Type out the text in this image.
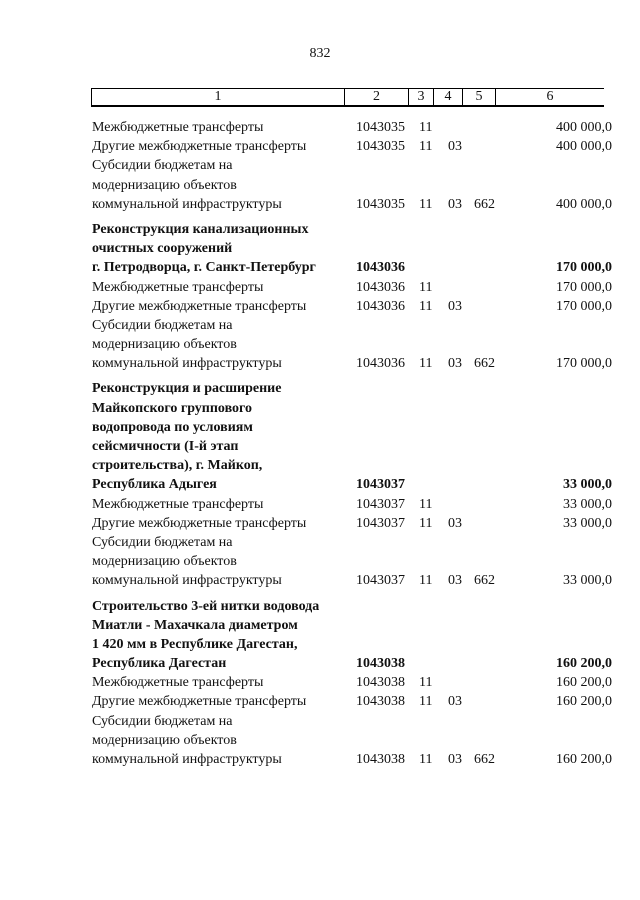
832
1	2	3	4	5	6
Межбюджетные трансферты	1043035 11	400 000,0
Другие межбюджетные трансферты	1043035 11 03	400 000,0
Субсидии бюджетам на
модернизацию объектов
коммунальной инфраструктуры	1043035 11 03 662	400 000,0
Реконструкция канализационных
очистных сооружений
г. Петродворца, г. Санкт-Петербург	1043036	170 000,0
Межбюджетные трансферты	1043036 11	170 000,0
Другие межбюджетные трансферты	1043036 11 03	170 000,0
Субсидии бюджетам на
модернизацию объектов
коммунальной инфраструктуры	1043036 11 03 662	170 000,0
Реконструкция и расширение
Майкопского группового
водопровода по условиям
сейсмичности (I-й этап
строительства), г. Майкоп,
Республика Адыгея	1043037	33 000,0
Межбюджетные трансферты	1043037 11	33 000,0
Другие межбюджетные трансферты	1043037 11 03	33 000,0
Субсидии бюджетам на
модернизацию объектов
коммунальной инфраструктуры	1043037 11 03 662	33 000,0
Строительство 3-ей нитки водовода
Миатли - Махачкала диаметром
1 420 мм в Республике Дагестан,
Республика Дагестан	1043038	160 200,0
Межбюджетные трансферты	1043038 11	160 200,0
Другие межбюджетные трансферты	1043038 11 03	160 200,0
Субсидии бюджетам на
модернизацию объектов
коммунальной инфраструктуры	1043038 11 03 662	160 200,0
